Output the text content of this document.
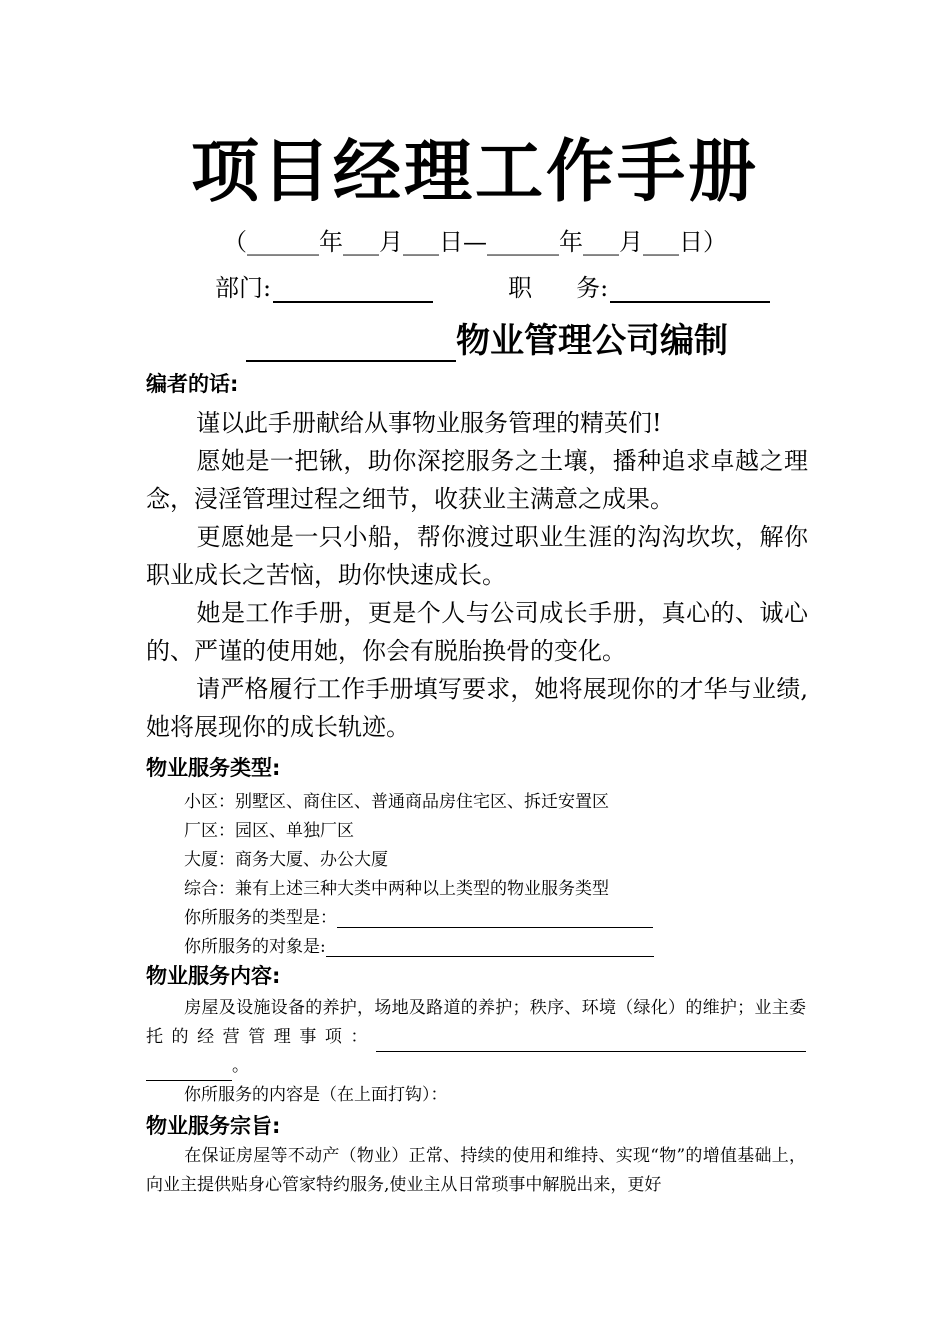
项目经理工作手册
（______年___月___日—______年___月___日）
部门:	职 务:
物业管理公司编制
编者的话:
谨以此手册献给从事物业服务管理的精英们!
愿她是一把锹，助你深挖服务之土壤，播种追求卓越之理念，浸淫管理过程之细节，收获业主满意之成果。
更愿她是一只小船，帮你渡过职业生涯的沟沟坎坎，解你职业成长之苦恼，助你快速成长。
她是工作手册，更是个人与公司成长手册，真心的、诚心的、严谨的使用她，你会有脱胎换骨的变化。
请严格履行工作手册填写要求，她将展现你的才华与业绩,她将展现你的成长轨迹。
物业服务类型:
小区：别墅区、商住区、普通商品房住宅区、拆迁安置区
厂区：园区、单独厂区
大厦：商务大厦、办公大厦
综合：兼有上述三种大类中两种以上类型的物业服务类型
你所服务的类型是：
你所服务的对象是:
物业服务内容:
房屋及设施设备的养护，场地及路道的养护；秩序、环境（绿化）的维护；业主委托的经营管理事项：。
你所服务的内容是（在上面打钩）：
物业服务宗旨:
在保证房屋等不动产（物业）正常、持续的使用和维持、实现“物”的增值基础上，向业主提供贴身心管家特约服务,使业主从日常琐事中解脱出来，更好
